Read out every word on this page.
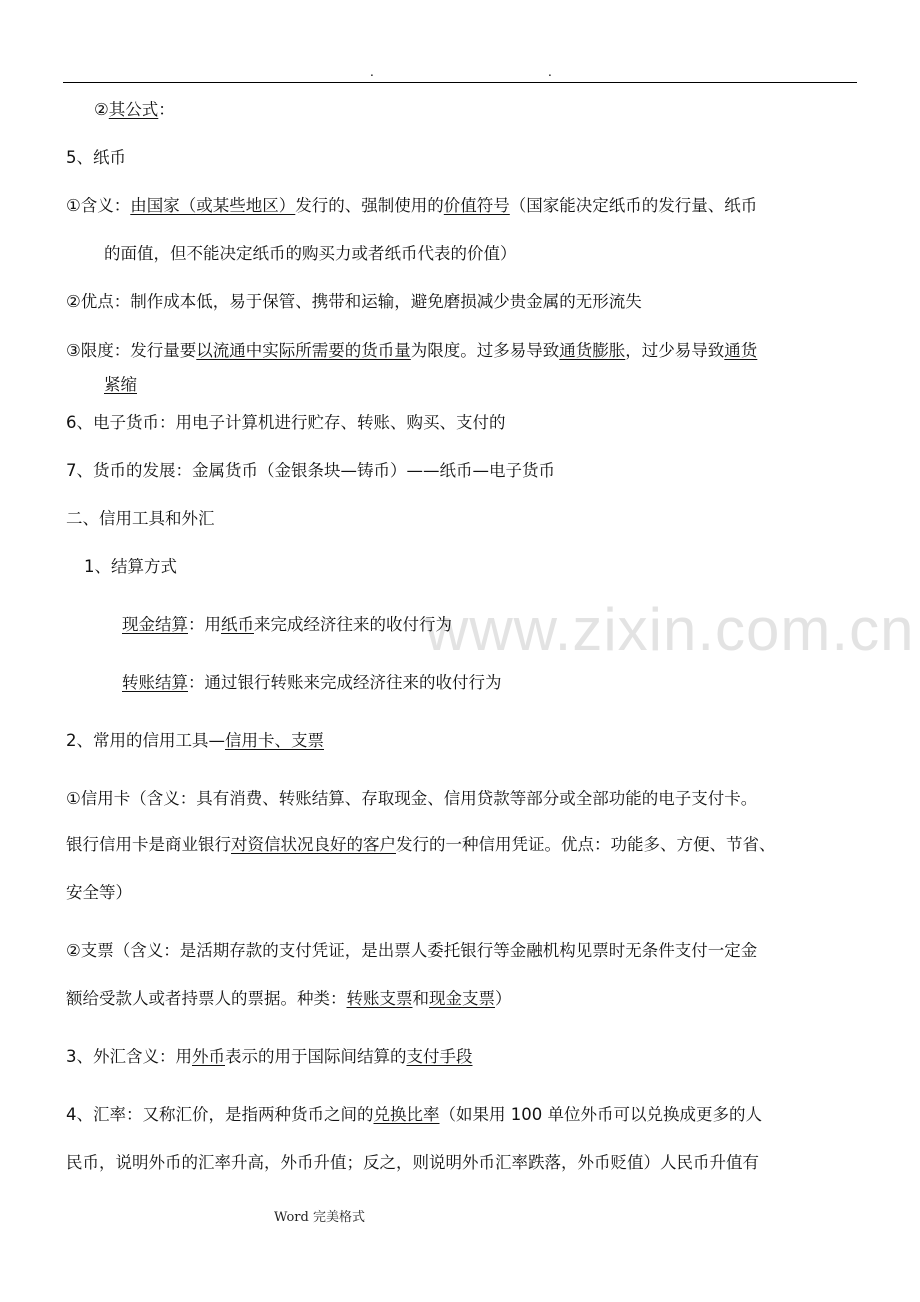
.	.
www.zixin.com.cn
②其公式：
5、纸币
①含义：由国家（或某些地区）发行的、强制使用的价值符号（国家能决定纸币的发行量、纸币
的面值，但不能决定纸币的购买力或者纸币代表的价值）
②优点：制作成本低，易于保管、携带和运输，避免磨损减少贵金属的无形流失
③限度：发行量要以流通中实际所需要的货币量为限度。过多易导致通货膨胀，过少易导致通货
紧缩
6、电子货币：用电子计算机进行贮存、转账、购买、支付的
7、货币的发展：金属货币（金银条块—铸币）——纸币—电子货币
二、信用工具和外汇
1、结算方式
现金结算：用纸币来完成经济往来的收付行为
转账结算：通过银行转账来完成经济往来的收付行为
2、常用的信用工具—信用卡、支票
①信用卡（含义：具有消费、转账结算、存取现金、信用贷款等部分或全部功能的电子支付卡。
银行信用卡是商业银行对资信状况良好的客户发行的一种信用凭证。优点：功能多、方便、节省、
安全等）
②支票（含义：是活期存款的支付凭证，是出票人委托银行等金融机构见票时无条件支付一定金
额给受款人或者持票人的票据。种类：转账支票和现金支票）
3、外汇含义：用外币表示的用于国际间结算的支付手段
4、汇率：又称汇价，是指两种货币之间的兑换比率（如果用 100 单位外币可以兑换成更多的人
民币，说明外币的汇率升高，外币升值；反之，则说明外币汇率跌落，外币贬值）人民币升值有
Word 完美格式
